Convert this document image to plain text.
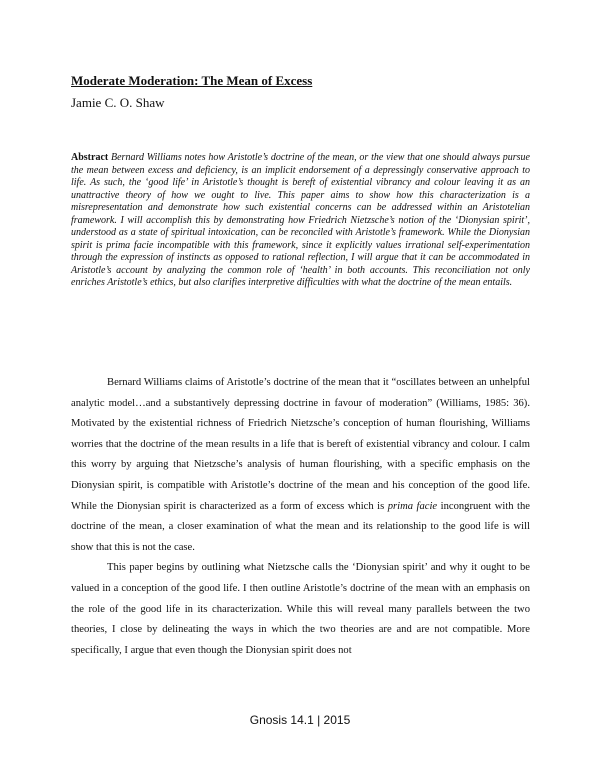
Moderate Moderation: The Mean of Excess
Jamie C. O. Shaw

Abstract Bernard Williams notes how Aristotle’s doctrine of the mean, or the view that one should always pursue the mean between excess and deficiency, is an implicit endorsement of a depressingly conservative approach to life. As such, the ‘good life’ in Aristotle’s thought is bereft of existential vibrancy and colour leaving it as an unattractive theory of how we ought to live. This paper aims to show how this characterization is a misrepresentation and demonstrate how such existential concerns can be addressed within an Aristotelian framework. I will accomplish this by demonstrating how Friedrich Nietzsche’s notion of the ‘Dionysian spirit’, understood as a state of spiritual intoxication, can be reconciled with Aristotle’s framework. While the Dionysian spirit is prima facie incompatible with this framework, since it explicitly values irrational self-experimentation through the expression of instincts as opposed to rational reflection, I will argue that it can be accommodated in Aristotle’s account by analyzing the common role of ‘health’ in both accounts. This reconciliation not only enriches Aristotle’s ethics, but also clarifies interpretive difficulties with what the doctrine of the mean entails.

Bernard Williams claims of Aristotle’s doctrine of the mean that it “oscillates between an unhelpful analytic model…and a substantively depressing doctrine in favour of moderation” (Williams, 1985: 36). Motivated by the existential richness of Friedrich Nietzsche’s conception of human flourishing, Williams worries that the doctrine of the mean results in a life that is bereft of existential vibrancy and colour. I calm this worry by arguing that Nietzsche’s analysis of human flourishing, with a specific emphasis on the Dionysian spirit, is compatible with Aristotle’s doctrine of the mean and his conception of the good life. While the Dionysian spirit is characterized as a form of excess which is prima facie incongruent with the doctrine of the mean, a closer examination of what the mean and its relationship to the good life is will show that this is not the case.

This paper begins by outlining what Nietzsche calls the ‘Dionysian spirit’ and why it ought to be valued in a conception of the good life. I then outline Aristotle’s doctrine of the mean with an emphasis on the role of the good life in its characterization. While this will reveal many parallels between the two theories, I close by delineating the ways in which the two theories are and are not compatible. More specifically, I argue that even though the Dionysian spirit does not

Gnosis 14.1 | 2015
